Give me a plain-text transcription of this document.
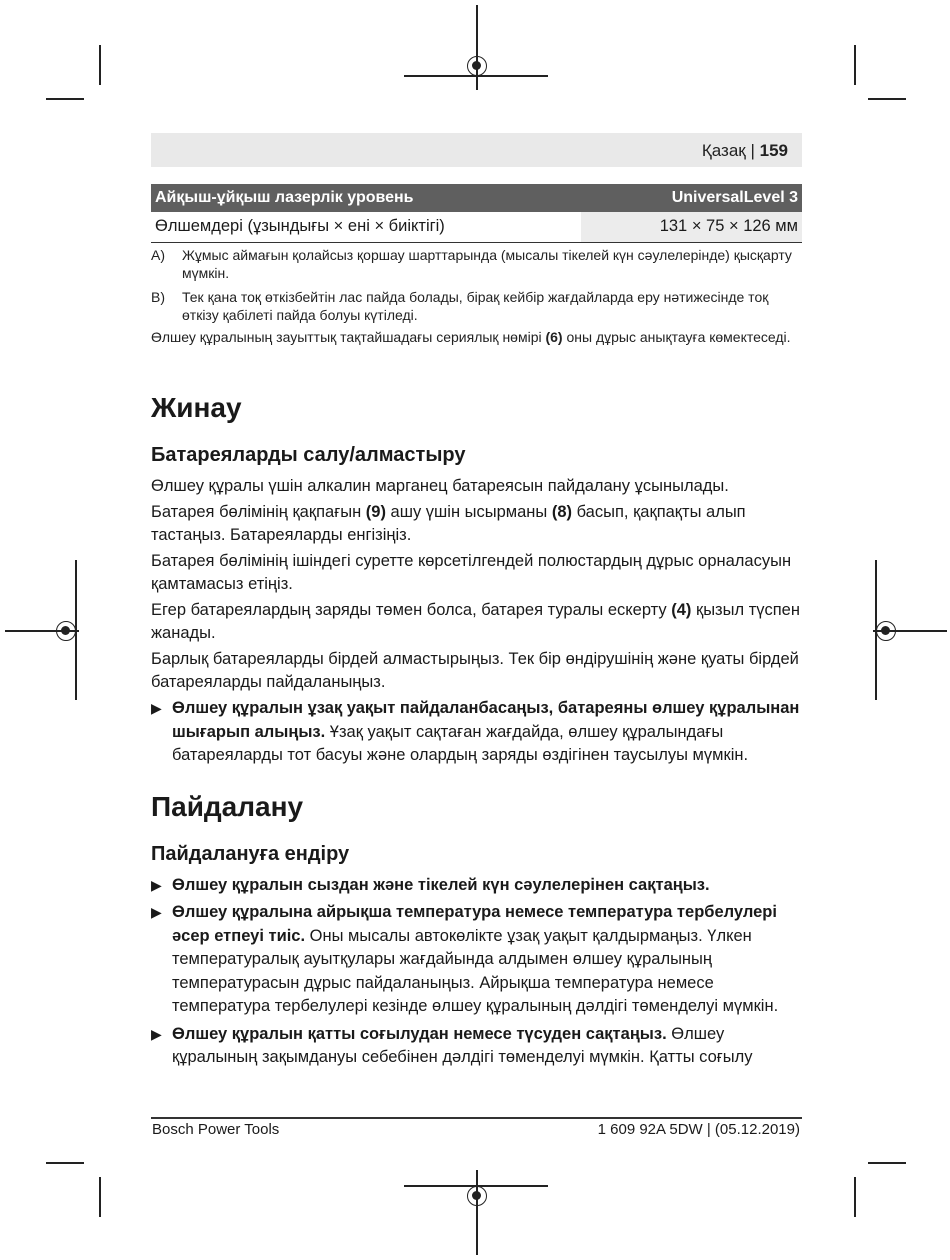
Қазақ | 159
Айқыш-ұйқыш лазерлік уровень	UniversalLevel 3
Өлшемдері (ұзындығы × ені × биіктігі)	131 × 75 × 126 мм
A)	Жұмыс аймағын қолайсыз қоршау шарттарында (мысалы тікелей күн сәулелерінде) қысқарту мүмкін.
B)	Тек қана тоқ өткізбейтін лас пайда болады, бірақ кейбір жағдайларда еру нәтижесінде тоқ өткізу қабілеті пайда болуы күтіледі.
Өлшеу құралының зауыттық тақтайшадағы сериялық нөмірі (6) оны дұрыс анықтауға көмектеседі.
Жинау
Батареяларды салу/алмастыру

Өлшеу құралы үшін алкалин марганец батареясын пайдалану ұсынылады.

Батарея бөлімінің қақпағын (9) ашу үшін ысырманы (8) басып, қақпақты алып тастаңыз. Батареяларды енгізіңіз.

Батарея бөлімінің ішіндегі суретте көрсетілгендей полюстардың дұрыс орналасуын қамтамасыз етіңіз.

Егер батареялардың заряды төмен болса, батарея туралы ескерту (4) қызыл түспен жанады.

Барлық батареяларды бірдей алмастырыңыз. Тек бір өндірушінің және қуаты бірдей батареяларды пайдаланыңыз.

▶ Өлшеу құралын ұзақ уақыт пайдаланбасаңыз, батареяны өлшеу құралынан шығарып алыңыз. Ұзақ уақыт сақтаған жағдайда, өлшеу құралындағы батареяларды тот басуы және олардың заряды өздігінен таусылуы мүмкін.
Пайдалану
Пайдалануға ендіру
▶ Өлшеу құралын сыздан және тікелей күн сәулелерінен сақтаңыз.
▶ Өлшеу құралына айрықша температура немесе температура тербелулері әсер етпеуі тиіс. Оны мысалы автокөлікте ұзақ уақыт қалдырмаңыз. Үлкен температуралық ауытқулары жағдайында алдымен өлшеу құралының температурасын дұрыс пайдаланыңыз. Айрықша температура немесе температура тербелулері кезінде өлшеу құралының дәлдігі төменделуі мүмкін.
▶ Өлшеу құралын қатты соғылудан немесе түсуден сақтаңыз. Өлшеу құралының зақымдануы себебінен дәлдігі төменделуі мүмкін. Қатты соғылу
Bosch Power Tools	1 609 92A 5DW | (05.12.2019)
